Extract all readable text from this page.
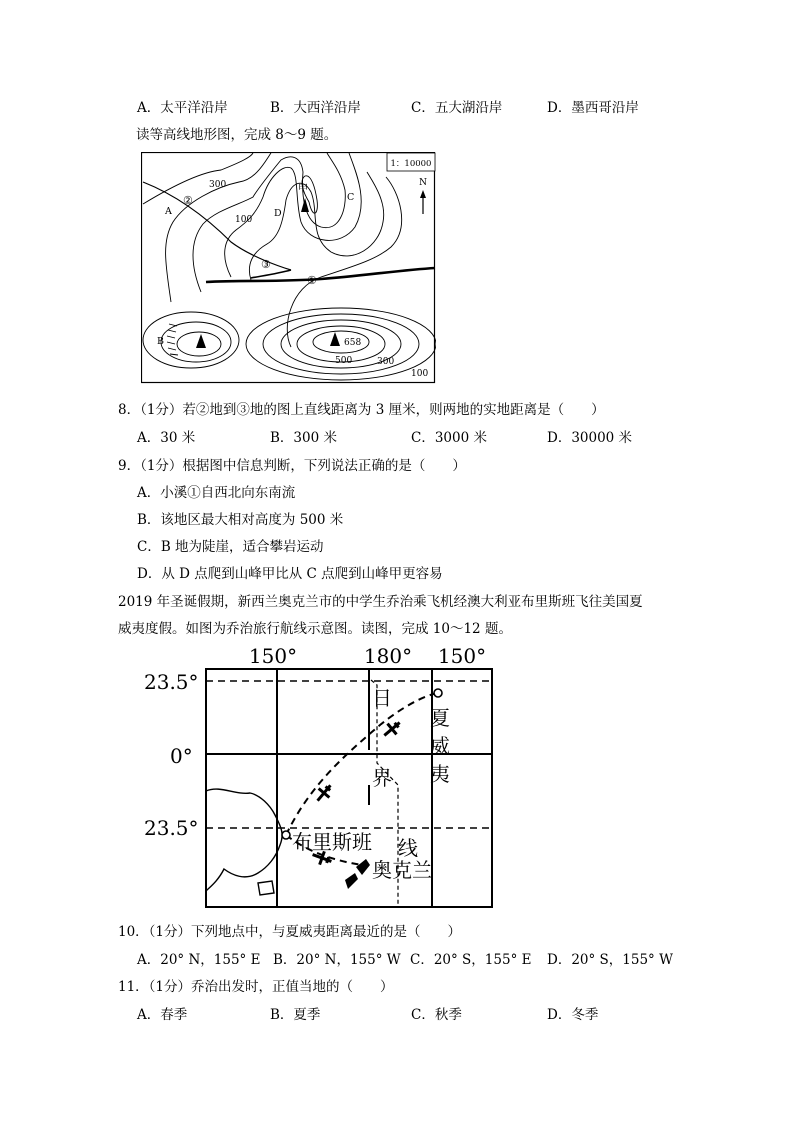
A．太平洋沿岸	B．大西洋沿岸	C．五大湖沿岸	D．墨西哥沿岸
读等高线地形图，完成 8～9 题。
1：10000
N
甲
300
100
A
B
C
D
②
③
①
658
500	300
100
8．（1分）若②地到③地的图上直线距离为 3 厘米，则两地的实地距离是（　　）
A．30 米	B．300 米	C．3000 米	D．30000 米
9．（1分）根据图中信息判断，下列说法正确的是（　　）
A．小溪①自西北向东南流
B．该地区最大相对高度为 500 米
C．B 地为陡崖，适合攀岩运动
D．从 D 点爬到山峰甲比从 C 点爬到山峰甲更容易
2019 年圣诞假期，新西兰奥克兰市的中学生乔治乘飞机经澳大利亚布里斯班飞往美国夏
威夷度假。如图为乔治旅行航线示意图。读图，完成 10～12 题。
150°	180° 150°
23.5°
0°
23.5°
日
界
线
夏
威
夷
布里斯班
奥克兰
10．（1分）下列地点中，与夏威夷距离最近的是（　　）
A．20° N，155° E B．20° N，155° W C．20° S，155° E D．20° S，155° W
11．（1分）乔治出发时，正值当地的（　　）
A．春季	B．夏季	C．秋季	D．冬季
